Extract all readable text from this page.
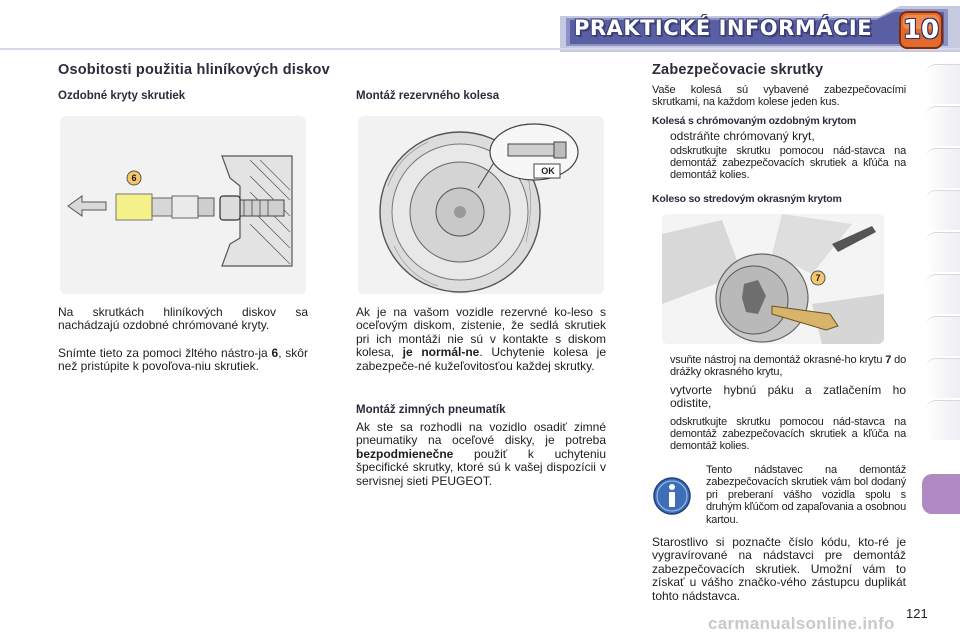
PRAKTICKÉ INFORMÁCIE	10
Osobitosti použitia hliníkových diskov
Ozdobné kryty skrutiek
6
Na skrutkách hliníkových diskov sa nachádzajú ozdobné chrómované kryty.
Snímte tieto za pomoci žltého nástro-ja 6, skôr než pristúpite k povoľova-niu skrutiek.
Montáž rezervného kolesa
OK
Ak je na vašom vozidle rezervné ko-leso s oceľovým diskom, zistenie, že sedlá skrutiek pri ich montáži nie sú v kontakte s diskom kolesa, je normál-ne. Uchytenie kolesa je zabezpeče-né kužeľovitosťou každej skrutky.
Montáž zimných pneumatík
Ak ste sa rozhodli na vozidlo osadiť zimné pneumatiky na oceľové disky, je potreba bezpodmienečne použiť k uchyteniu špecifické skrutky, ktoré sú k vašej dispozícii v servisnej sieti PEUGEOT.
Zabezpečovacie skrutky
Vaše kolesá sú vybavené zabezpečovacími skrutkami, na každom kolese jeden kus.
Kolesá s chrómovaným ozdobným krytom
odstráňte chrómovaný kryt,
odskrutkujte skrutku pomocou nád-stavca na demontáž zabezpečovacích skrutiek a kľúča na demontáž kolies.
Koleso so stredovým okrasným krytom
7
vsuňte nástroj na demontáž okrasné-ho krytu 7 do drážky okrasného krytu,
vytvorte hybnú páku a zatlačením ho odistite,
odskrutkujte skrutku pomocou nád-stavca na demontáž zabezpečovacích skrutiek a kľúča na demontáž kolies.
Tento nádstavec na demontáž zabezpečovacích skrutiek vám bol dodaný pri preberaní vášho vozidla spolu s druhým kľúčom od zapaľovania a osobnou kartou.
Starostlivo si poznačte číslo kódu, kto-ré je vygravírované na nádstavci pre demontáž zabezpečovacích skrutiek. Umožní vám to získať u vášho značko-vého zástupcu duplikát tohto nádstavca.
121
carmanualsonline.info
